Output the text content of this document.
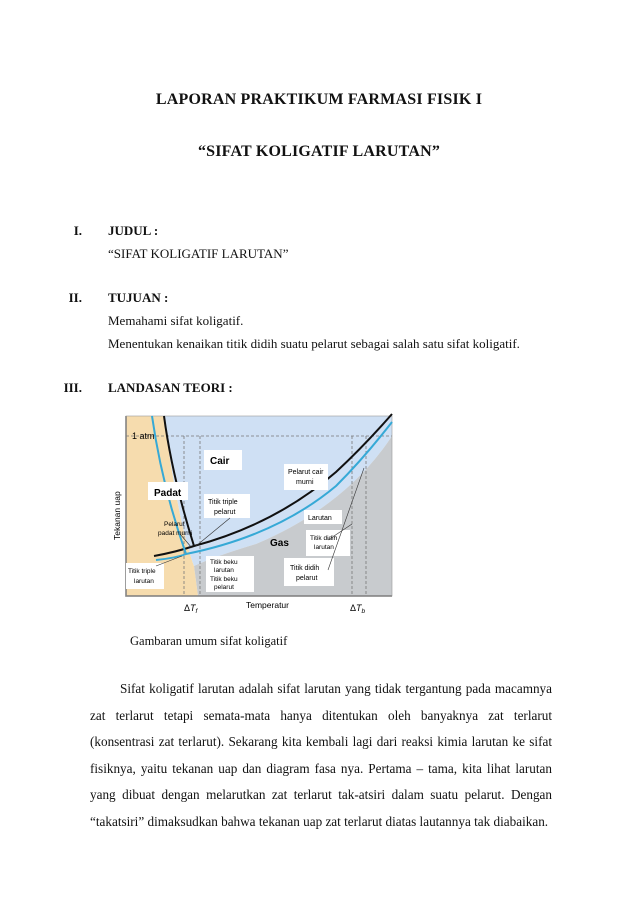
LAPORAN PRAKTIKUM FARMASI FISIK I
“SIFAT KOLIGATIF LARUTAN”
I. JUDUL :
“SIFAT KOLIGATIF LARUTAN”
II. TUJUAN :
Memahami sifat koligatif.
Menentukan kenaikan titik didih suatu pelarut sebagai salah satu sifat koligatif.
III. LANDASAN TEORI :
1 atm
Tekanan uap
Temperatur
Cair
Padat
Gas
Pelarut cair
murni
Titik triple
pelarut
Larutan
Pelarut
padat murni
Titik didih
larutan
Titik beku
larutan
Titik beku
pelarut
Titik didih
pelarut
Titik triple
larutan
$\Delta T_f$	$\Delta T_b$
Gambaran umum sifat koligatif

Sifat koligatif larutan adalah sifat larutan yang tidak tergantung pada macamnya zat terlarut tetapi semata-mata hanya ditentukan oleh banyaknya zat terlarut (konsentrasi zat terlarut). Sekarang kita kembali lagi dari reaksi kimia larutan ke sifat fisiknya, yaitu tekanan uap dan diagram fasa nya. Pertama – tama, kita lihat larutan yang dibuat dengan melarutkan zat terlarut tak-atsiri dalam suatu pelarut. Dengan “takatsiri” dimaksudkan bahwa tekanan uap zat terlarut diatas lautannya tak diabaikan.
